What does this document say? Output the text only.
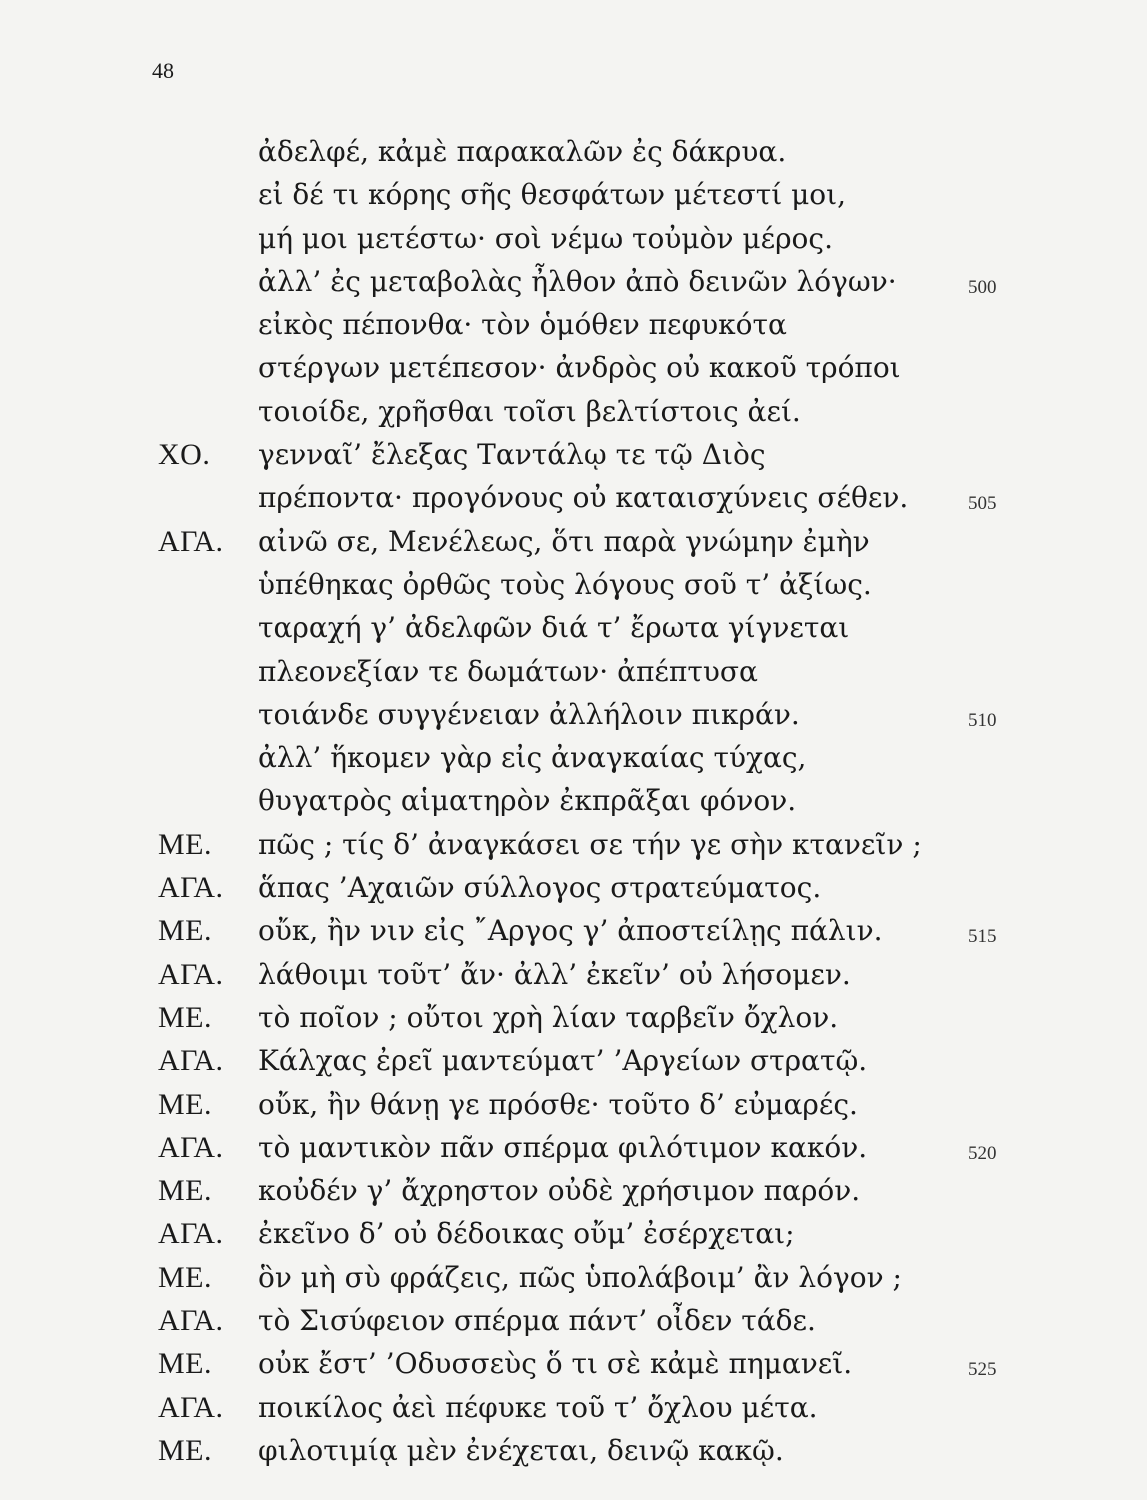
48
ἀδελφέ, κἀμὲ παρακαλῶν ἐς δάκρυα.
εἰ δέ τι κόρης σῆς θεσφάτων μέτεστί μοι,
μή μοι μετέστω· σοὶ νέμω τοὐμὸν μέρος.
ἀλλ’ ἐς μεταβολὰς ἦλθον ἀπὸ δεινῶν λόγων·	500
εἰκὸς πέπονθα· τὸν ὁμόθεν πεφυκότα
στέργων μετέπεσον· ἀνδρὸς οὐ κακοῦ τρόποι
τοιοίδε, χρῆσθαι τοῖσι βελτίστοις ἀεί.
ΧΟ. γενναῖ’ ἔλεξας Ταντάλῳ τε τῷ Διὸς
πρέποντα· προγόνους οὐ καταισχύνεις σέθεν.	505
ΑΓΑ. αἰνῶ σε, Μενέλεως, ὅτι παρὰ γνώμην ἐμὴν
ὑπέθηκας ὀρθῶς τοὺς λόγους σοῦ τ’ ἀξίως.
ταραχή γ’ ἀδελφῶν διά τ’ ἔρωτα γίγνεται
πλεονεξίαν τε δωμάτων· ἀπέπτυσα
τοιάνδε συγγένειαν ἀλλήλοιν πικράν.	510
ἀλλ’ ἥκομεν γὰρ εἰς ἀναγκαίας τύχας,
θυγατρὸς αἱματηρὸν ἐκπρᾶξαι φόνον.
ΜΕ. πῶς ; τίς δ’ ἀναγκάσει σε τήν γε σὴν κτανεῖν ;
ΑΓΑ. ἅπας ’Αχαιῶν σύλλογος στρατεύματος.
ΜΕ. οὔκ, ἢν νιν εἰς ῎Αργος γ’ ἀποστείλῃς πάλιν.	515
ΑΓΑ. λάθοιμι τοῦτ’ ἄν· ἀλλ’ ἐκεῖν’ οὐ λήσομεν.
ΜΕ. τὸ ποῖον ; οὔτοι χρὴ λίαν ταρβεῖν ὄχλον.
ΑΓΑ. Κάλχας ἐρεῖ μαντεύματ’ ’Αργείων στρατῷ.
ΜΕ. οὔκ, ἢν θάνῃ γε πρόσθε· τοῦτο δ’ εὐμαρές.
ΑΓΑ. τὸ μαντικὸν πᾶν σπέρμα φιλότιμον κακόν.	520
ΜΕ. κοὐδέν γ’ ἄχρηστον οὐδὲ χρήσιμον παρόν.
ΑΓΑ. ἐκεῖνο δ’ οὐ δέδοικας οὔμ’ ἐσέρχεται;
ΜΕ. ὃν μὴ σὺ φράζεις, πῶς ὑπολάβοιμ’ ἂν λόγον ;
ΑΓΑ. τὸ Σισύφειον σπέρμα πάντ’ οἶδεν τάδε.
ΜΕ. οὐκ ἔστ’ ’Οδυσσεὺς ὅ τι σὲ κἀμὲ πημανεῖ.	525
ΑΓΑ. ποικίλος ἀεὶ πέφυκε τοῦ τ’ ὄχλου μέτα.
ΜΕ. φιλοτιμίᾳ μὲν ἐνέχεται, δεινῷ κακῷ.
